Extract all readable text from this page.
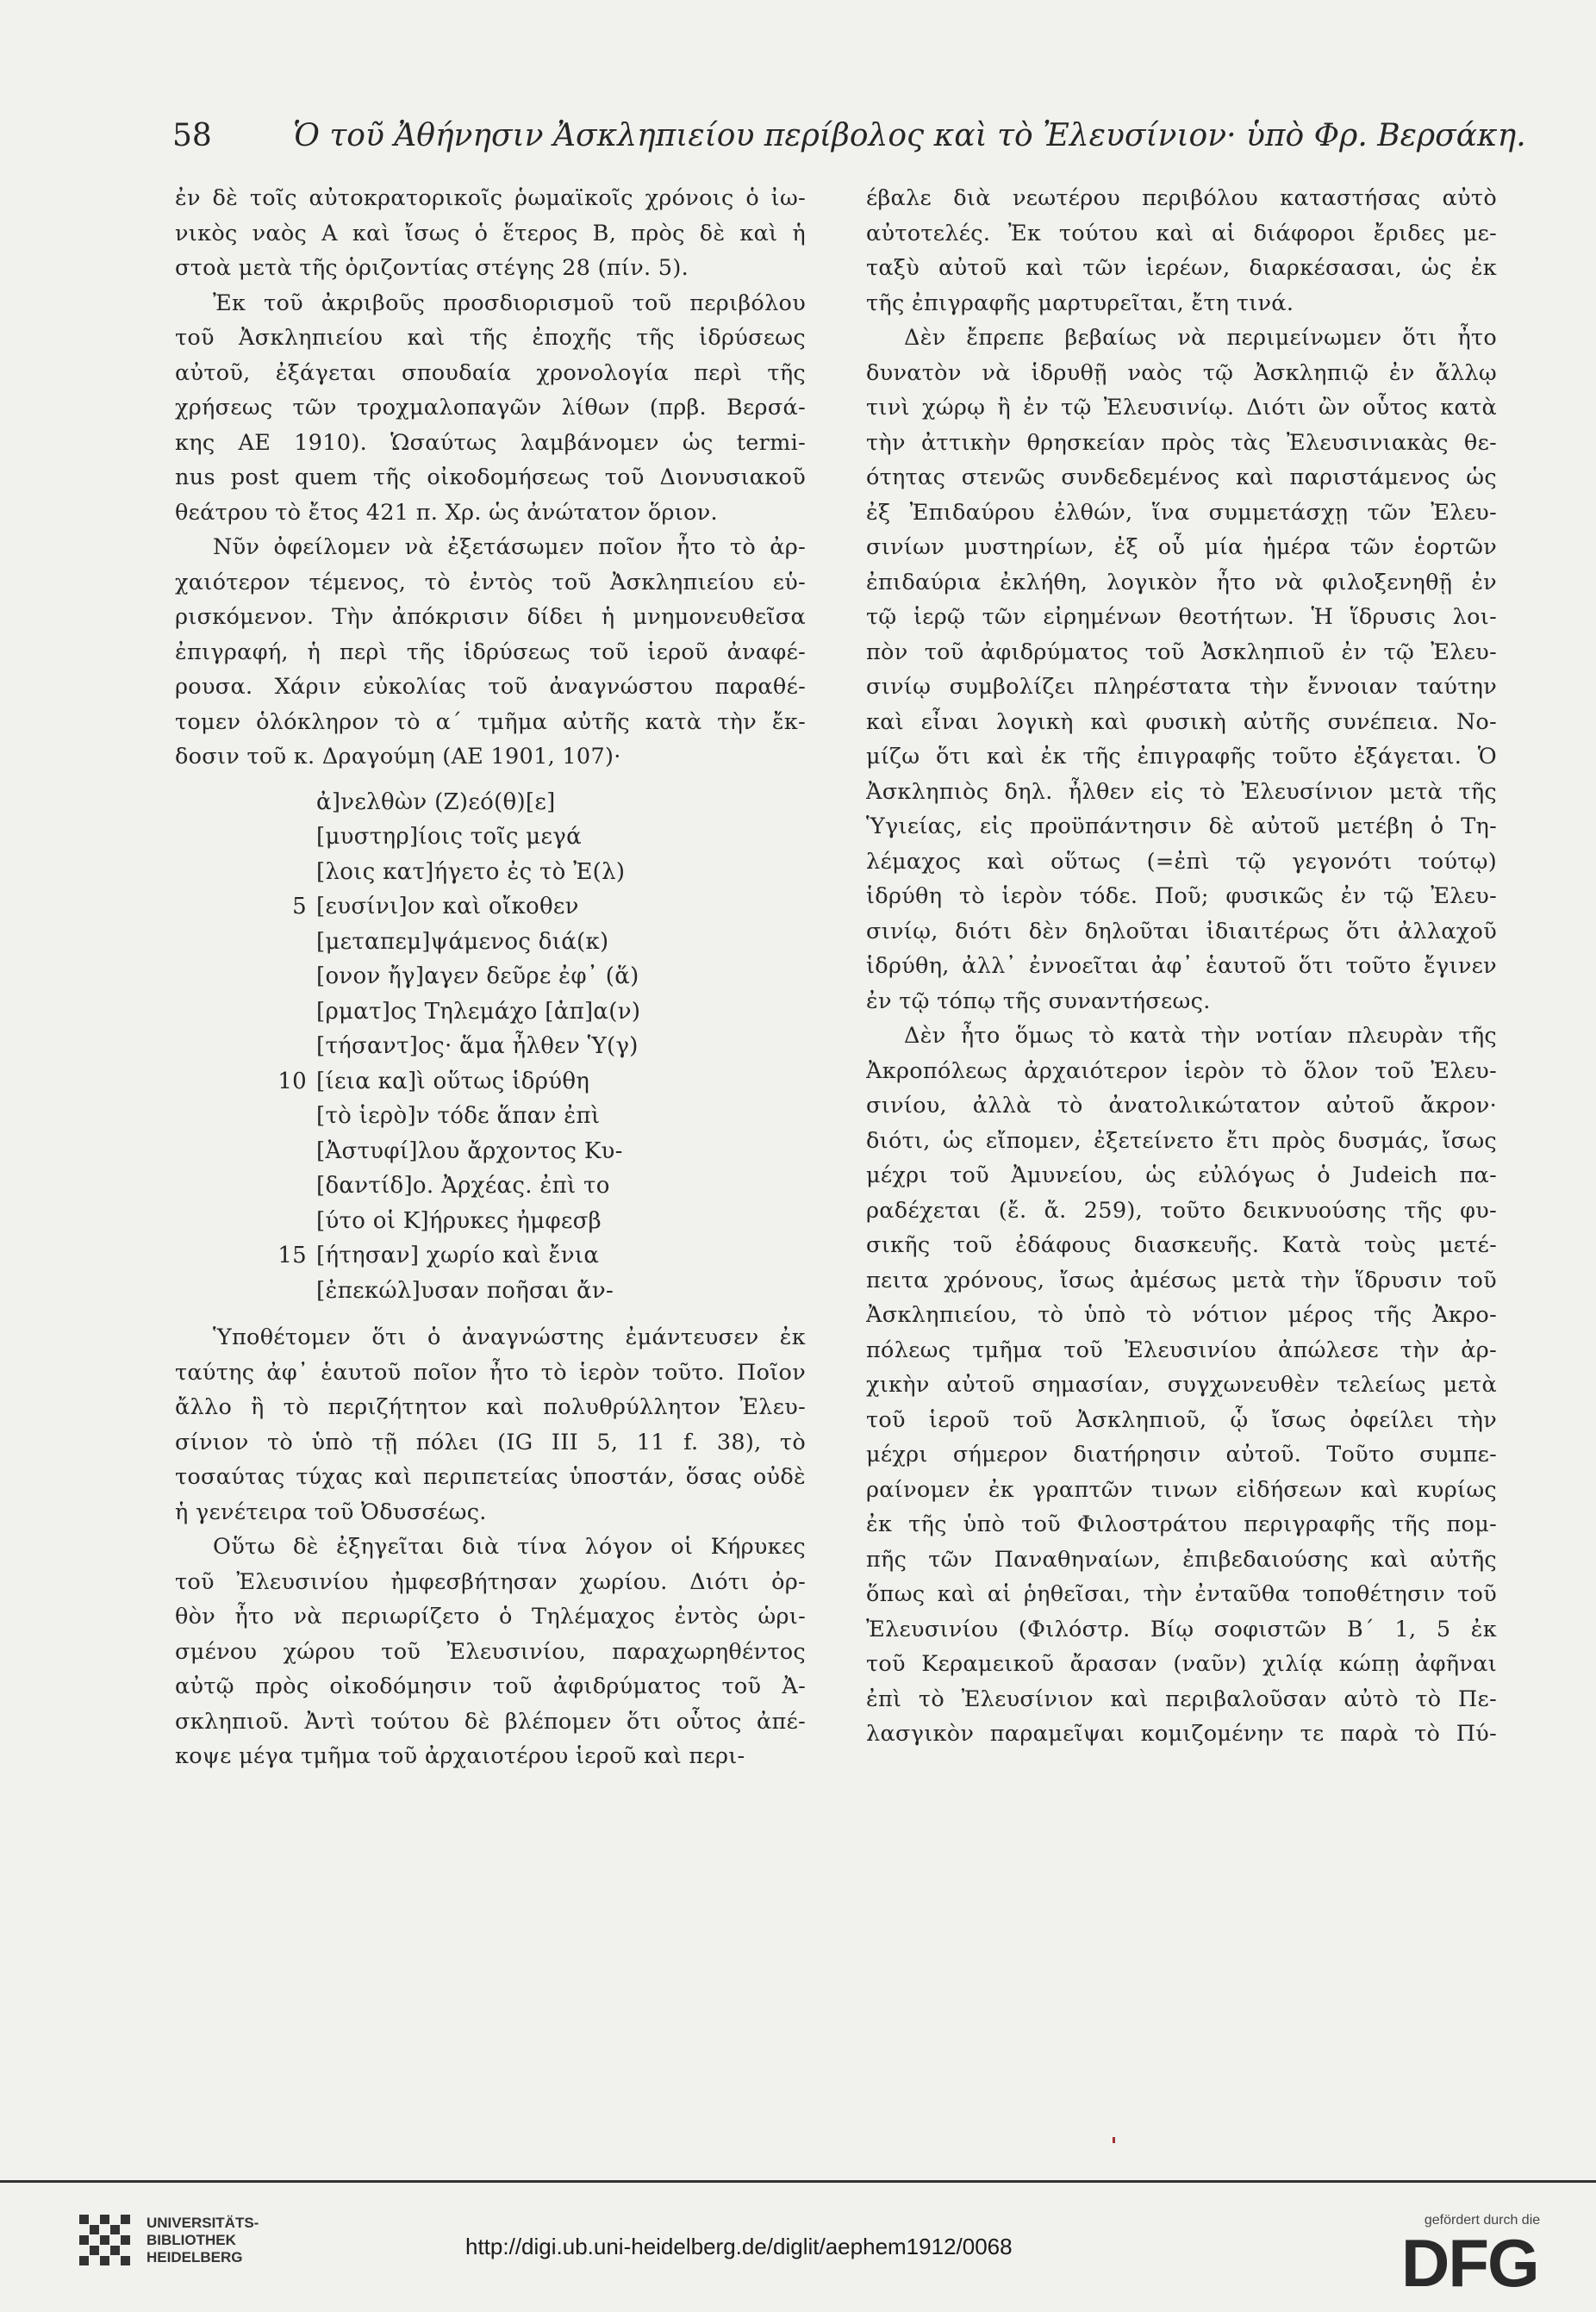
58	Ὁ τοῦ Ἀθήνησιν Ἀσκληπιείου περίβολος καὶ τὸ Ἐλευσίνιον· ὑπὸ Φρ. Βερσάκη.
ἐν δὲ τοῖς αὐτοκρατορικοῖς ῥωμαϊκοῖς χρόνοις ὁ ἰω-
νικὸς ναὸς Α καὶ ἴσως ὁ ἕτερος Β, πρὸς δὲ καὶ ἡ
στοὰ μετὰ τῆς ὁριζοντίας στέγης 28 (πίν. 5).
Ἐκ τοῦ ἀκριβοῦς προσδιορισμοῦ τοῦ περιβόλου
τοῦ Ἀσκληπιείου καὶ τῆς ἐποχῆς τῆς ἱδρύσεως
αὐτοῦ, ἐξάγεται σπουδαία χρονολογία περὶ τῆς
χρήσεως τῶν τροχμαλοπαγῶν λίθων (πρβ. Βερσά-
κης ΑΕ 1910). Ὡσαύτως λαμβάνομεν ὡς termi-
nus post quem τῆς οἰκοδομήσεως τοῦ Διονυσιακοῦ
θεάτρου τὸ ἔτος 421 π. Χρ. ὡς ἀνώτατον ὅριον.
Νῦν ὀφείλομεν νὰ ἐξετάσωμεν ποῖον ἦτο τὸ ἀρ-
χαιότερον τέμενος, τὸ ἐντὸς τοῦ Ἀσκληπιείου εὑ-
ρισκόμενον. Τὴν ἀπόκρισιν δίδει ἡ μνημονευθεῖσα
ἐπιγραφή, ἡ περὶ τῆς ἱδρύσεως τοῦ ἱεροῦ ἀναφέ-
ρουσα. Χάριν εὐκολίας τοῦ ἀναγνώστου παραθέ-
τομεν ὁλόκληρον τὸ α΄ τμῆμα αὐτῆς κατὰ τὴν ἔκ-
δοσιν τοῦ κ. Δραγούμη (ΑΕ 1901, 107)·
ἀ]νελθὼν (Ζ)εό(θ)[ε]
[μυστηρ]ίοις τοῖς μεγά
[λοις κατ]ήγετο ἐς τὸ Ἐ(λ)
5 [ευσίνι]ον καὶ οἴκοθεν
[μεταπεμ]ψάμενος διά(κ)
[ονον ἤγ]αγεν δεῦρε ἐφ᾽ (ἅ)
[ρματ]ος Τηλεμάχο [ἀπ]α(ν)
[τήσαντ]ος· ἅμα ἦλθεν Ὑ(γ)
10 [ίεια κα]ὶ οὕτως ἱδρύθη
[τὸ ἱερὸ]ν τόδε ἅπαν ἐπὶ
[Ἀστυφί]λου ἄρχοντος Κυ-
[δαντίδ]ο. Ἀρχέας. ἐπὶ το
[ύτο οἱ Κ]ήρυκες ἠμφεσβ
15 [ήτησαν] χωρίο καὶ ἔνια
[ἐπεκώλ]υσαν ποῆσαι ἄν-
Ὑποθέτομεν ὅτι ὁ ἀναγνώστης ἐμάντευσεν ἐκ
ταύτης ἀφ᾽ ἑαυτοῦ ποῖον ἦτο τὸ ἱερὸν τοῦτο. Ποῖον
ἄλλο ἢ τὸ περιζήτητον καὶ πολυθρύλλητον Ἐλευ-
σίνιον τὸ ὑπὸ τῇ πόλει (IG III 5, 11 f. 38), τὸ
τοσαύτας τύχας καὶ περιπετείας ὑποστάν, ὅσας οὐδὲ
ἡ γενέτειρα τοῦ Ὀδυσσέως.
Οὕτω δὲ ἐξηγεῖται διὰ τίνα λόγον οἱ Κήρυκες
τοῦ Ἐλευσινίου ἠμφεσβήτησαν χωρίου. Διότι ὀρ-
θὸν ἦτο νὰ περιωρίζετο ὁ Τηλέμαχος ἐντὸς ὡρι-
σμένου χώρου τοῦ Ἐλευσινίου, παραχωρηθέντος
αὐτῷ πρὸς οἰκοδόμησιν τοῦ ἀφιδρύματος τοῦ Ἀ-
σκληπιοῦ. Ἀντὶ τούτου δὲ βλέπομεν ὅτι οὗτος ἀπέ-
κοψε μέγα τμῆμα τοῦ ἀρχαιοτέρου ἱεροῦ καὶ περι-
έβαλε διὰ νεωτέρου περιβόλου καταστήσας αὐτὸ
αὐτοτελές. Ἐκ τούτου καὶ αἱ διάφοροι ἔριδες με-
ταξὺ αὐτοῦ καὶ τῶν ἱερέων, διαρκέσασαι, ὡς ἐκ
τῆς ἐπιγραφῆς μαρτυρεῖται, ἔτη τινά.
Δὲν ἔπρεπε βεβαίως νὰ περιμείνωμεν ὅτι ἦτο
δυνατὸν νὰ ἱδρυθῇ ναὸς τῷ Ἀσκληπιῷ ἐν ἄλλῳ
τινὶ χώρῳ ἢ ἐν τῷ Ἐλευσινίῳ. Διότι ὢν οὗτος κατὰ
τὴν ἀττικὴν θρησκείαν πρὸς τὰς Ἐλευσινιακὰς θε-
ότητας στενῶς συνδεδεμένος καὶ παριστάμενος ὡς
ἐξ Ἐπιδαύρου ἐλθών, ἵνα συμμετάσχῃ τῶν Ἐλευ-
σινίων μυστηρίων, ἐξ οὗ μία ἡμέρα τῶν ἑορτῶν
ἐπιδαύρια ἐκλήθη, λογικὸν ἦτο νὰ φιλοξενηθῇ ἐν
τῷ ἱερῷ τῶν εἰρημένων θεοτήτων. Ἡ ἵδρυσις λοι-
πὸν τοῦ ἀφιδρύματος τοῦ Ἀσκληπιοῦ ἐν τῷ Ἐλευ-
σινίῳ συμβολίζει πληρέστατα τὴν ἔννοιαν ταύτην
καὶ εἶναι λογικὴ καὶ φυσικὴ αὐτῆς συνέπεια. Νο-
μίζω ὅτι καὶ ἐκ τῆς ἐπιγραφῆς τοῦτο ἐξάγεται. Ὁ
Ἀσκληπιὸς δηλ. ἦλθεν εἰς τὸ Ἐλευσίνιον μετὰ τῆς
Ὑγιείας, εἰς προϋπάντησιν δὲ αὐτοῦ μετέβη ὁ Τη-
λέμαχος καὶ οὕτως (=ἐπὶ τῷ γεγονότι τούτῳ)
ἱδρύθη τὸ ἱερὸν τόδε. Ποῦ; φυσικῶς ἐν τῷ Ἐλευ-
σινίῳ, διότι δὲν δηλοῦται ἰδιαιτέρως ὅτι ἀλλαχοῦ
ἱδρύθη, ἀλλ᾽ ἐννοεῖται ἀφ᾽ ἑαυτοῦ ὅτι τοῦτο ἔγινεν
ἐν τῷ τόπῳ τῆς συναντήσεως.
Δὲν ἦτο ὅμως τὸ κατὰ τὴν νοτίαν πλευρὰν τῆς
Ἀκροπόλεως ἀρχαιότερον ἱερὸν τὸ ὅλον τοῦ Ἐλευ-
σινίου, ἀλλὰ τὸ ἀνατολικώτατον αὐτοῦ ἄκρον·
διότι, ὡς εἴπομεν, ἐξετείνετο ἔτι πρὸς δυσμάς, ἴσως
μέχρι τοῦ Ἀμυνείου, ὡς εὐλόγως ὁ Judeich πα-
ραδέχεται (ἔ. ἄ. 259), τοῦτο δεικνυούσης τῆς φυ-
σικῆς τοῦ ἐδάφους διασκευῆς. Κατὰ τοὺς μετέ-
πειτα χρόνους, ἴσως ἀμέσως μετὰ τὴν ἵδρυσιν τοῦ
Ἀσκληπιείου, τὸ ὑπὸ τὸ νότιον μέρος τῆς Ἀκρο-
πόλεως τμῆμα τοῦ Ἐλευσινίου ἀπώλεσε τὴν ἀρ-
χικὴν αὐτοῦ σημασίαν, συγχωνευθὲν τελείως μετὰ
τοῦ ἱεροῦ τοῦ Ἀσκληπιοῦ, ᾧ ἴσως ὀφείλει τὴν
μέχρι σήμερον διατήρησιν αὐτοῦ. Τοῦτο συμπε-
ραίνομεν ἐκ γραπτῶν τινων εἰδήσεων καὶ κυρίως
ἐκ τῆς ὑπὸ τοῦ Φιλοστράτου περιγραφῆς τῆς πομ-
πῆς τῶν Παναθηναίων, ἐπιβεδαιούσης καὶ αὐτῆς
ὅπως καὶ αἱ ῥηθεῖσαι, τὴν ἐνταῦθα τοποθέτησιν τοῦ
Ἐλευσινίου (Φιλόστρ. Βίῳ σοφιστῶν Β΄ 1, 5 ἐκ
τοῦ Κεραμεικοῦ ἄρασαν (ναῦν) χιλίᾳ κώπῃ ἀφῆναι
ἐπὶ τὸ Ἐλευσίνιον καὶ περιβαλοῦσαν αὐτὸ τὸ Πε-
λασγικὸν παραμεῖψαι κομιζομένην τε παρὰ τὸ Πύ-
UNIVERSITÄTS-BIBLIOTHEK HEIDELBERG	http://digi.ub.uni-heidelberg.de/diglit/aephem1912/0068
gefördert durch die
DFG
